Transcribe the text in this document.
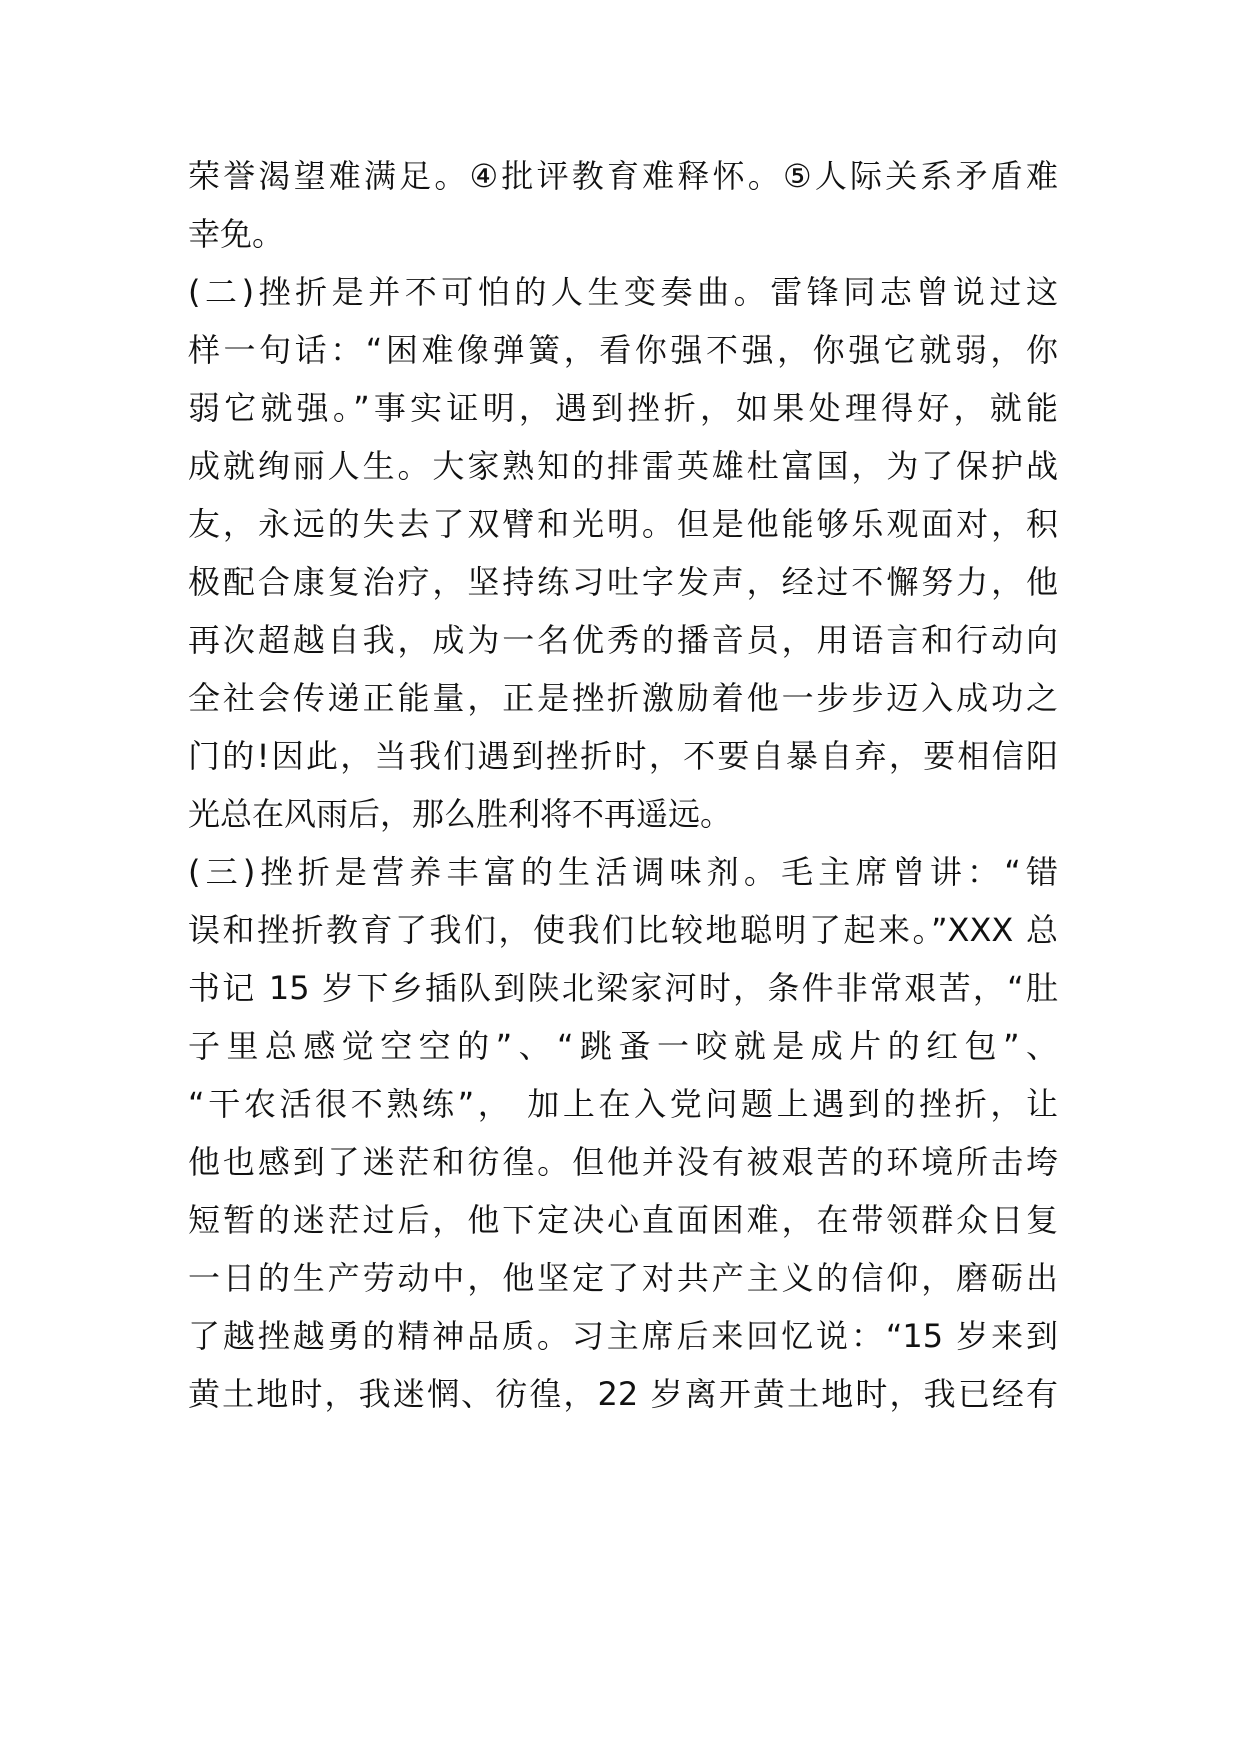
荣誉渴望难满足。④批评教育难释怀。⑤人际关系矛盾难
幸免。
(二)挫折是并不可怕的人生变奏曲。雷锋同志曾说过这
样一句话：“困难像弹簧，看你强不强，你强它就弱，你
弱它就强。”事实证明，遇到挫折，如果处理得好，就能
成就绚丽人生。大家熟知的排雷英雄杜富国，为了保护战
友，永远的失去了双臂和光明。但是他能够乐观面对，积
极配合康复治疗，坚持练习吐字发声，经过不懈努力，他
再次超越自我，成为一名优秀的播音员，用语言和行动向
全社会传递正能量，正是挫折激励着他一步步迈入成功之
门的!因此，当我们遇到挫折时，不要自暴自弃，要相信阳
光总在风雨后，那么胜利将不再遥远。
(三)挫折是营养丰富的生活调味剂。毛主席曾讲：“错
误和挫折教育了我们，使我们比较地聪明了起来。”XXX 总
书记 15 岁下乡插队到陕北梁家河时，条件非常艰苦，“肚
子里总感觉空空的”、“跳蚤一咬就是成片的红包”、
“干农活很不熟练”， 加上在入党问题上遇到的挫折，让
他也感到了迷茫和彷徨。但他并没有被艰苦的环境所击垮
短暂的迷茫过后，他下定决心直面困难，在带领群众日复
一日的生产劳动中，他坚定了对共产主义的信仰，磨砺出
了越挫越勇的精神品质。习主席后来回忆说：“15 岁来到
黄土地时，我迷惘、彷徨，22 岁离开黄土地时，我已经有
